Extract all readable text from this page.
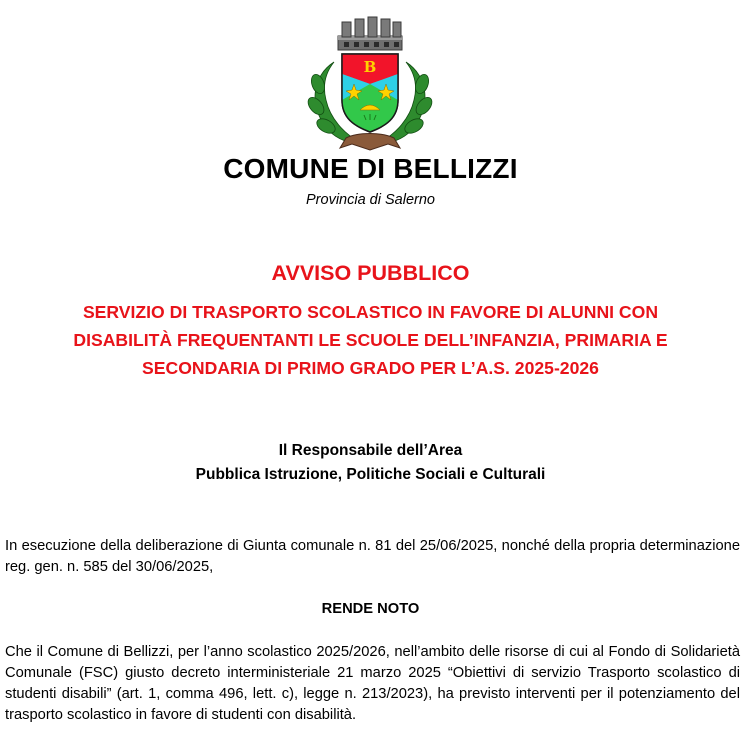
B
COMUNE DI BELLIZZI
Provincia di Salerno
AVVISO PUBBLICO
SERVIZIO DI TRASPORTO SCOLASTICO IN FAVORE DI ALUNNI CON
DISABILITÀ FREQUENTANTI LE SCUOLE DELL’INFANZIA, PRIMARIA E
SECONDARIA DI PRIMO GRADO PER L’A.S. 2025-2026
Il Responsabile dell’Area
Pubblica Istruzione, Politiche Sociali e Culturali
In esecuzione della deliberazione di Giunta comunale n. 81 del 25/06/2025, nonché della propria determinazione reg. gen. n. 585 del 30/06/2025,
RENDE NOTO
Che il Comune di Bellizzi, per l’anno scolastico 2025/2026, nell’ambito delle risorse di cui al Fondo di Solidarietà Comunale (FSC) giusto decreto interministeriale 21 marzo 2025 “Obiettivi di servizio Trasporto scolastico di studenti disabili” (art. 1, comma 496, lett. c), legge n. 213/2023), ha previsto interventi per il potenziamento del trasporto scolastico in favore di studenti con disabilità.
